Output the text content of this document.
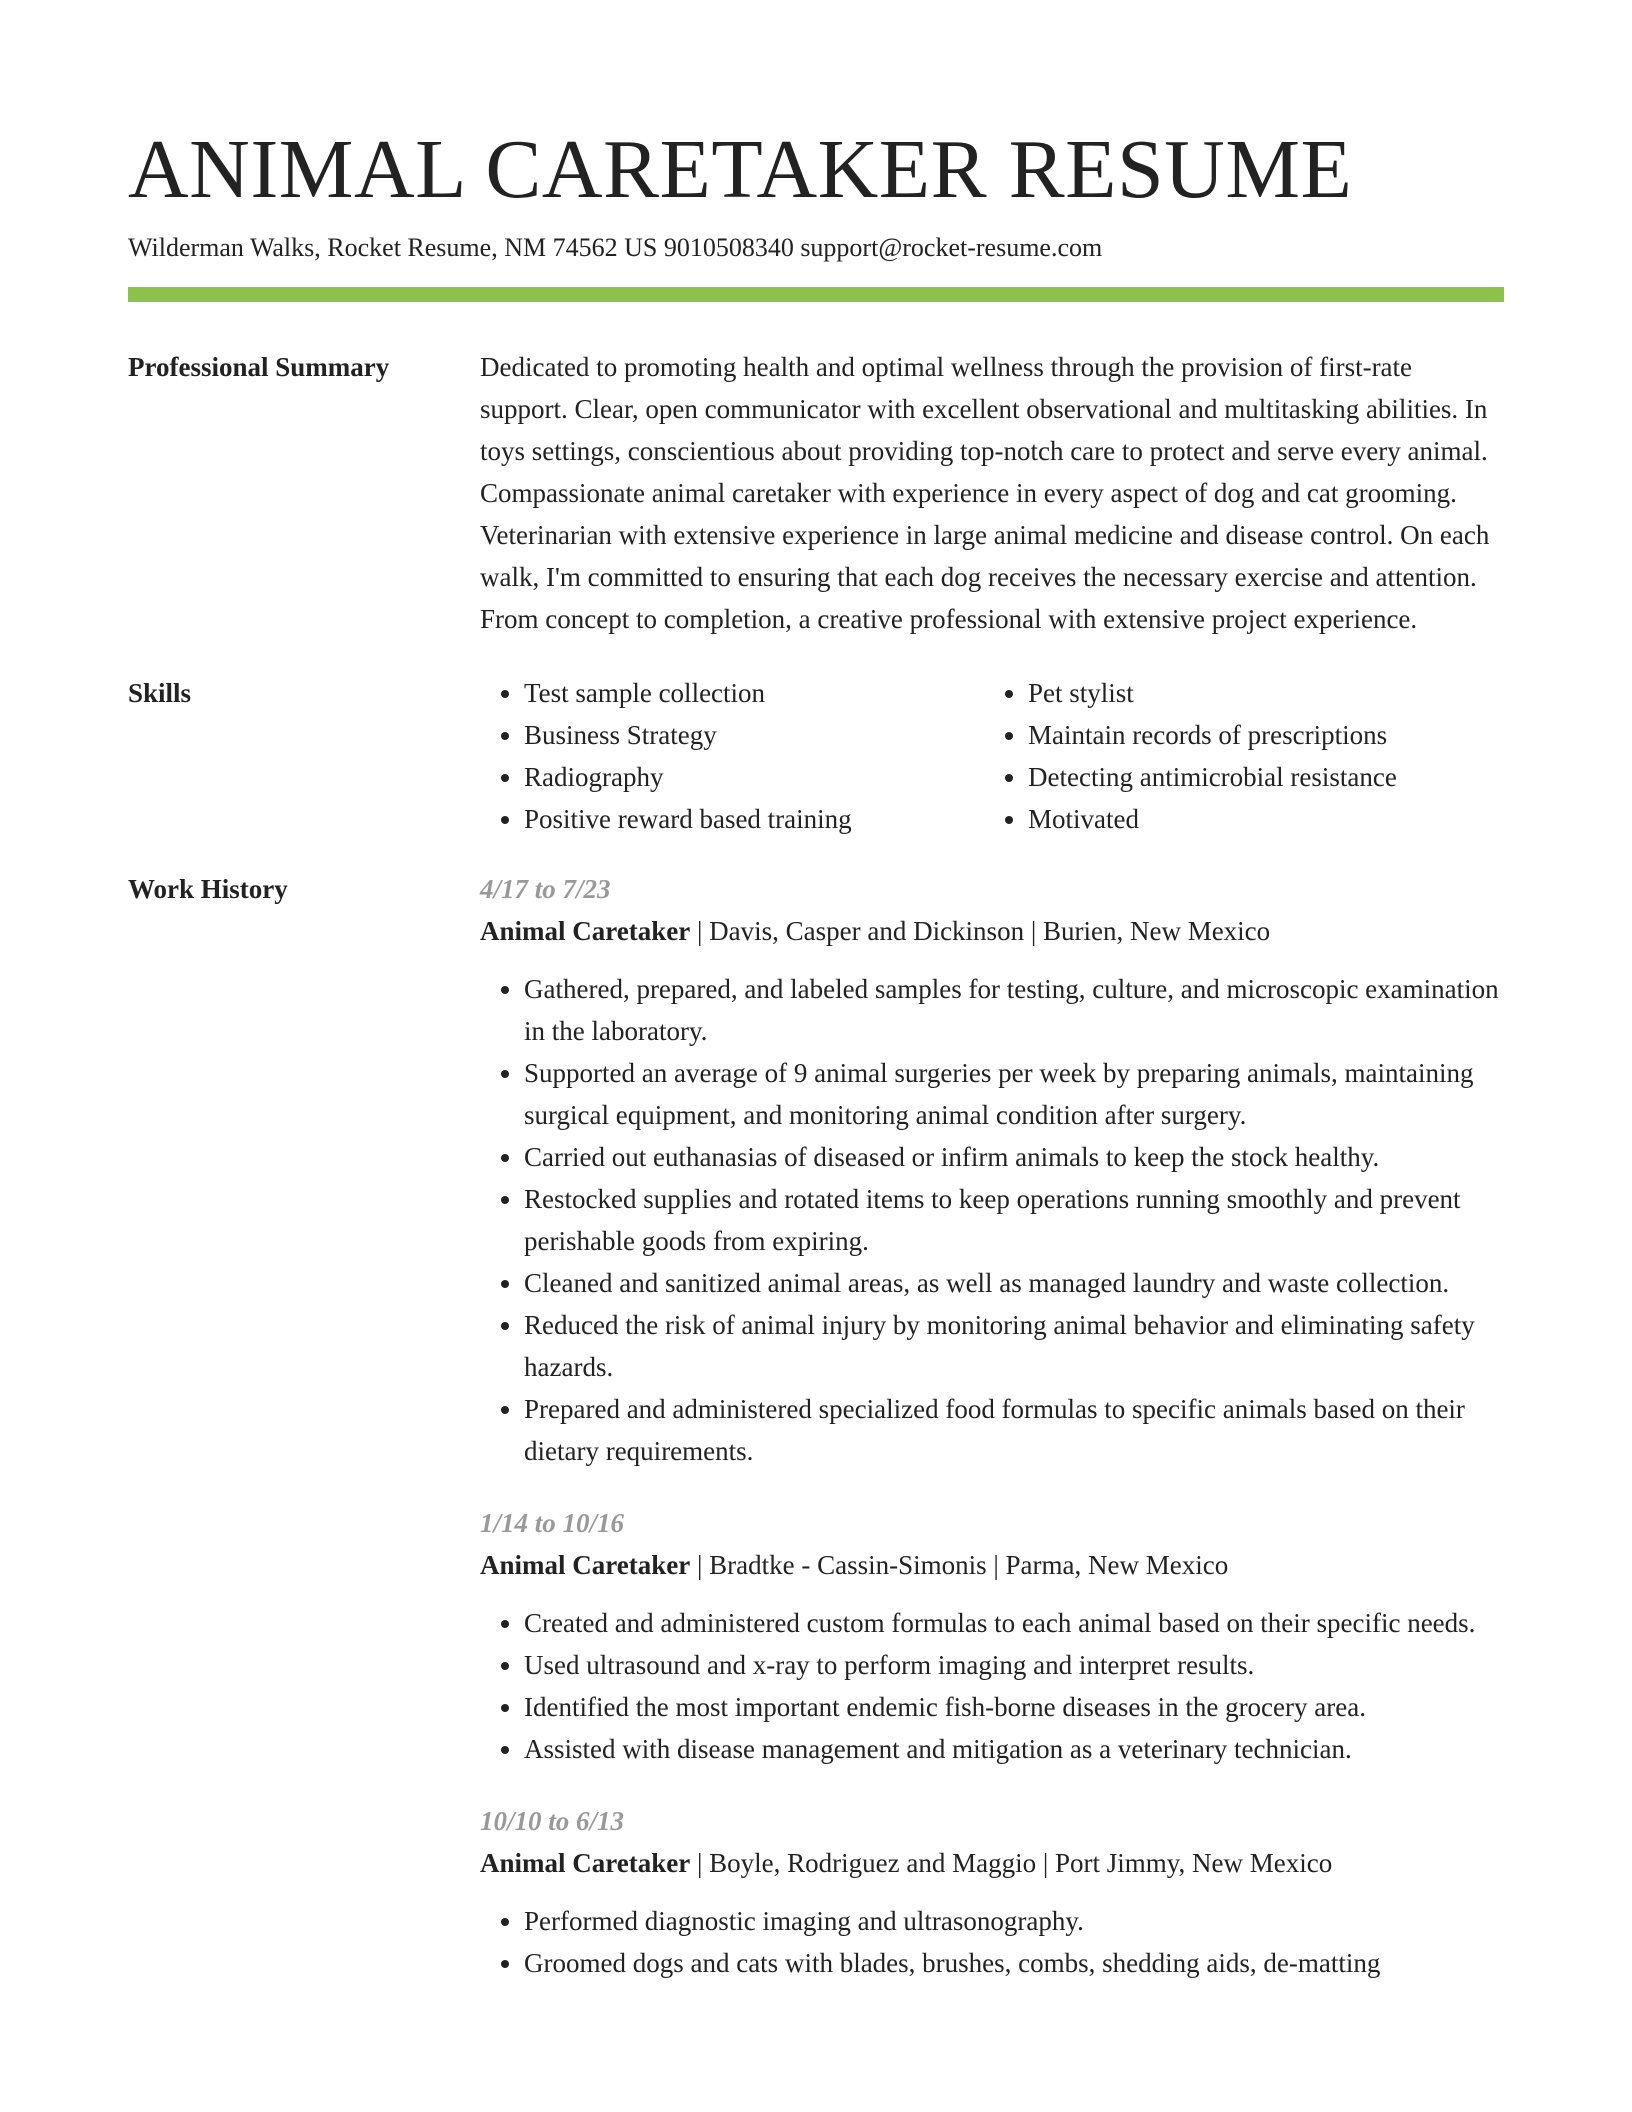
ANIMAL CARETAKER RESUME
Wilderman Walks, Rocket Resume, NM 74562 US 9010508340 support@rocket-resume.com
Professional Summary	Dedicated to promoting health and optimal wellness through the provision of first-rate support. Clear, open communicator with excellent observational and multitasking abilities. In toys settings, conscientious about providing top-notch care to protect and serve every animal. Compassionate animal caretaker with experience in every aspect of dog and cat grooming. Veterinarian with extensive experience in large animal medicine and disease control. On each walk, I'm committed to ensuring that each dog receives the necessary exercise and attention. From concept to completion, a creative professional with extensive project experience.

Skills
•	Test sample collection
• Business Strategy
• Radiography
• Positive reward based training
• Pet stylist
• Maintain records of prescriptions
• Detecting antimicrobial resistance
• Motivated
Work History	4/17 to 7/23
Animal Caretaker | Davis, Casper and Dickinson | Burien, New Mexico
• Gathered, prepared, and labeled samples for testing, culture, and microscopic examination in the laboratory.
• Supported an average of 9 animal surgeries per week by preparing animals, maintaining surgical equipment, and monitoring animal condition after surgery.
• Carried out euthanasias of diseased or infirm animals to keep the stock healthy.
• Restocked supplies and rotated items to keep operations running smoothly and prevent perishable goods from expiring.
• Cleaned and sanitized animal areas, as well as managed laundry and waste collection.
• Reduced the risk of animal injury by monitoring animal behavior and eliminating safety hazards.
• Prepared and administered specialized food formulas to specific animals based on their dietary requirements.
1/14 to 10/16
Animal Caretaker | Bradtke - Cassin-Simonis | Parma, New Mexico
• Created and administered custom formulas to each animal based on their specific needs.
• Used ultrasound and x-ray to perform imaging and interpret results.
• Identified the most important endemic fish-borne diseases in the grocery area.
• Assisted with disease management and mitigation as a veterinary technician.
10/10 to 6/13
Animal Caretaker | Boyle, Rodriguez and Maggio | Port Jimmy, New Mexico
• Performed diagnostic imaging and ultrasonography.
• Groomed dogs and cats with blades, brushes, combs, shedding aids, de-matting
